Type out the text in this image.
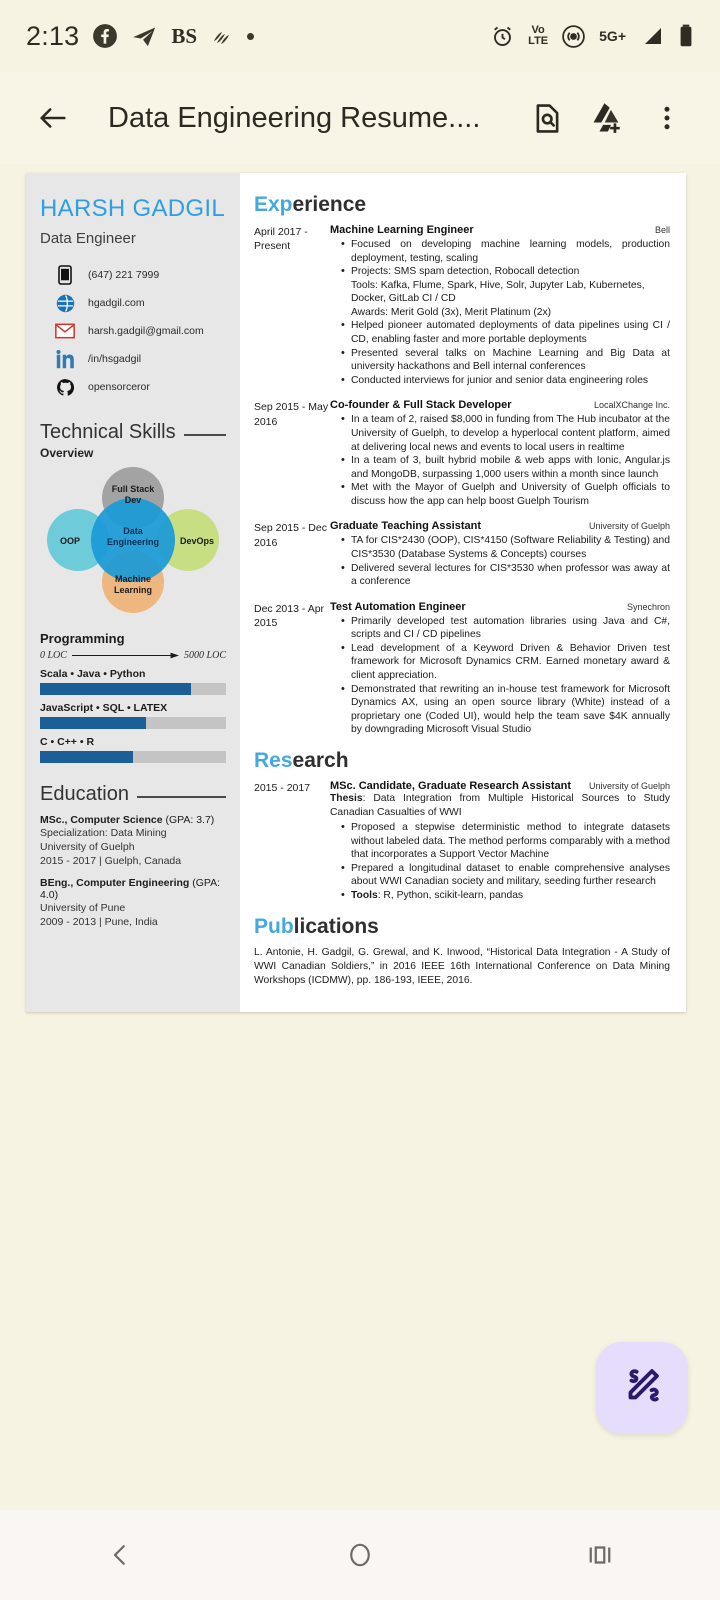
2:13	BS	Vo
LTE	5G+
Data Engineering Resume....
HARSH GADGIL
Data Engineer
(647) 221 7999
hgadgil.com
harsh.gadgil@gmail.com
/in/hsgadgil
opensorceror
Technical Skills
Overview
Full Stack
Dev
OOP	DevOps
Data
Engineering
Machine
Learning
Programming
0 LOC	5000 LOC
Scala • Java • Python
JavaScript • SQL • LATEX
C • C++ • R
Education
MSc., Computer Science (GPA: 3.7)
Specialization: Data Mining
University of Guelph
2015 - 2017 | Guelph, Canada
BEng., Computer Engineering (GPA: 4.0)
University of Pune
2009 - 2013 | Pune, India
Experience
April 2017 - Present
Machine Learning Engineer	Bell
• Focused on developing machine learning models, production deployment, testing, scaling
• Projects: SMS spam detection, Robocall detection
Tools: Kafka, Flume, Spark, Hive, Solr, Jupyter Lab, Kubernetes, Docker, GitLab CI / CD
Awards: Merit Gold (3x), Merit Platinum (2x)
• Helped pioneer automated deployments of data pipelines using CI / CD, enabling faster and more portable deployments
• Presented several talks on Machine Learning and Big Data at university hackathons and Bell internal conferences
• Conducted interviews for junior and senior data engineering roles
Sep 2015 - May 2016
Co-founder & Full Stack Developer	LocalXChange Inc.
• In a team of 2, raised $8,000 in funding from The Hub incubator at the University of Guelph, to develop a hyperlocal content platform, aimed at delivering local news and events to local users in realtime
• In a team of 3, built hybrid mobile & web apps with Ionic, Angular.js and MongoDB, surpassing 1,000 users within a month since launch
• Met with the Mayor of Guelph and University of Guelph officials to discuss how the app can help boost Guelph Tourism
Sep 2015 - Dec 2016
Graduate Teaching Assistant	University of Guelph
• TA for CIS*2430 (OOP), CIS*4150 (Software Reliability & Testing) and CIS*3530 (Database Systems & Concepts) courses
• Delivered several lectures for CIS*3530 when professor was away at a conference
Dec 2013 - Apr 2015
Test Automation Engineer	Synechron
• Primarily developed test automation libraries using Java and C#, scripts and CI / CD pipelines
• Lead development of a Keyword Driven & Behavior Driven test framework for Microsoft Dynamics CRM. Earned monetary award & client appreciation.
• Demonstrated that rewriting an in-house test framework for Microsoft Dynamics AX, using an open source library (White) instead of a proprietary one (Coded UI), would help the team save $4K annually by downgrading Microsoft Visual Studio
Research
2015 - 2017	MSc. Candidate, Graduate Research Assistant University of Guelph
Thesis: Data Integration from Multiple Historical Sources to Study Canadian Casualties of WWI
• Proposed a stepwise deterministic method to integrate datasets without labeled data. The method performs comparably with a method that incorporates a Support Vector Machine
• Prepared a longitudinal dataset to enable comprehensive analyses about WWI Canadian society and military, seeding further research
• Tools: R, Python, scikit-learn, pandas
Publications
L. Antonie, H. Gadgil, G. Grewal, and K. Inwood, “Historical Data Integration - A Study of WWI Canadian Soldiers,” in 2016 IEEE 16th International Conference on Data Mining Workshops (ICDMW), pp. 186-193, IEEE, 2016.
